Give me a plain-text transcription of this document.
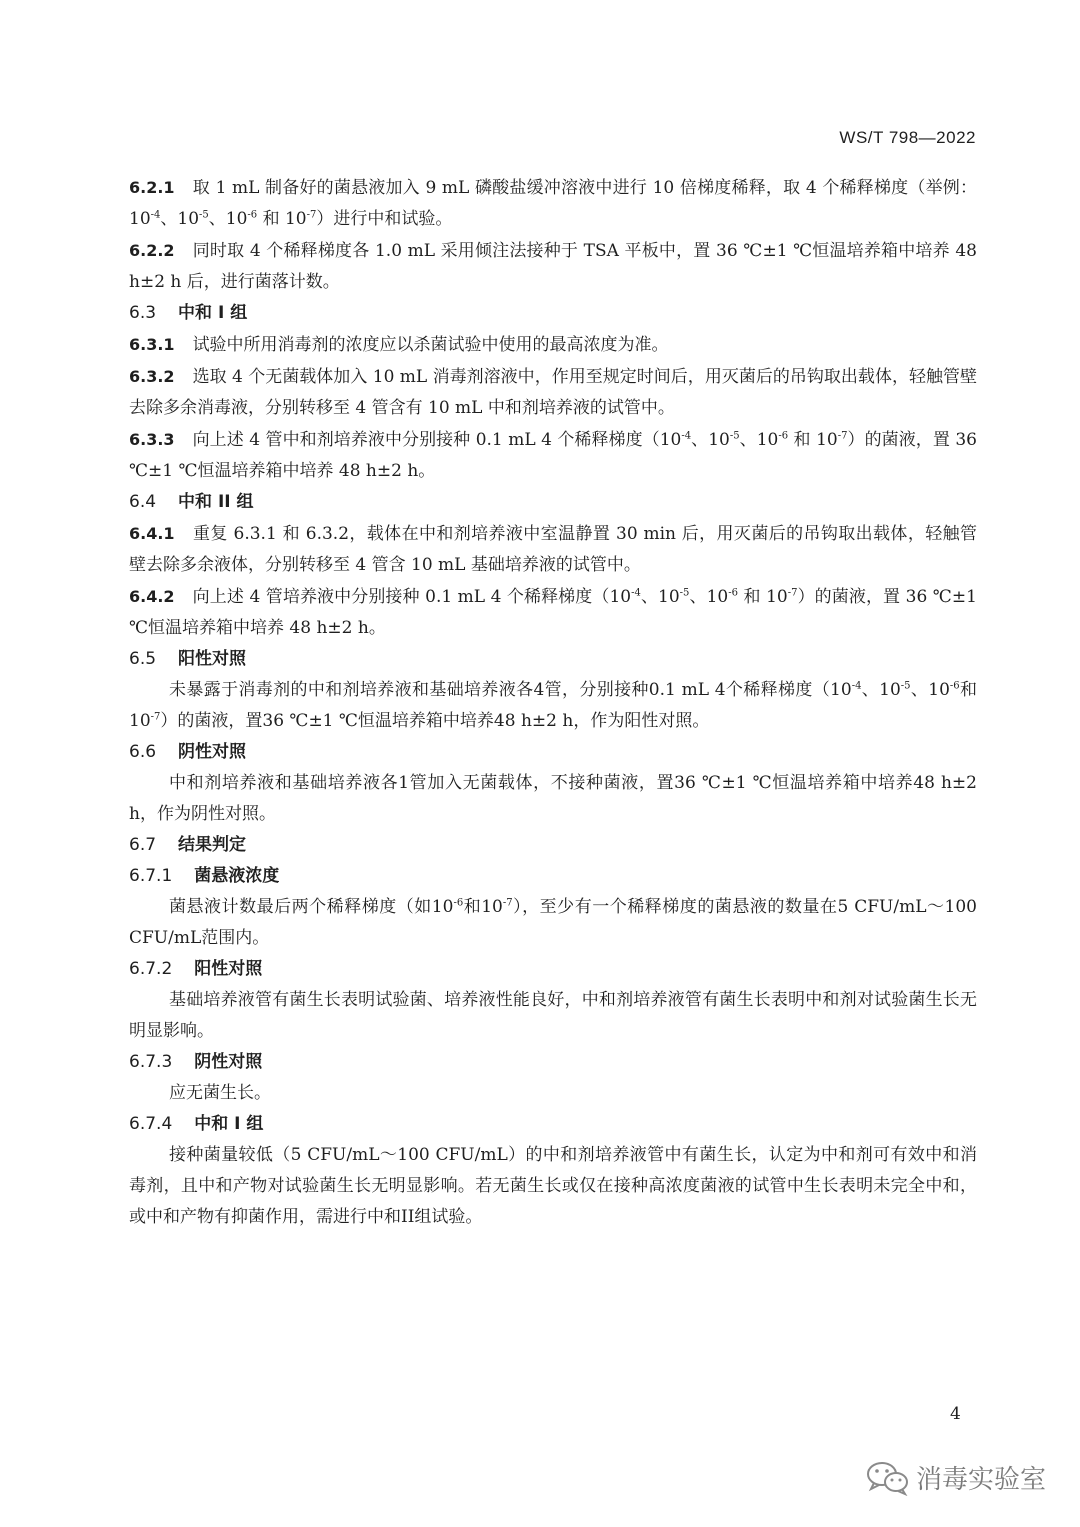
WS/T 798—2022

6.2.1 取 1 mL 制备好的菌悬液加入 9 mL 磷酸盐缓冲溶液中进行 10 倍梯度稀释，取 4 个稀释梯度（举例：$10^{-4}$、$10^{-5}$、$10^{-6}$ 和 $10^{-7}$）进行中和试验。

6.2.2 同时取 4 个稀释梯度各 1.0 mL 采用倾注法接种于 TSA 平板中，置 36 ℃±1 ℃恒温培养箱中培养 48 h±2 h 后，进行菌落计数。

6.3 中和 I 组

6.3.1 试验中所用消毒剂的浓度应以杀菌试验中使用的最高浓度为准。

6.3.2 选取 4 个无菌载体加入 10 mL 消毒剂溶液中，作用至规定时间后，用灭菌后的吊钩取出载体，轻触管壁去除多余消毒液，分别转移至 4 管含有 10 mL 中和剂培养液的试管中。

6.3.3 向上述 4 管中和剂培养液中分别接种 0.1 mL 4 个稀释梯度（$10^{-4}$、$10^{-5}$、$10^{-6}$ 和 $10^{-7}$）的菌液，置 36 ℃±1 ℃恒温培养箱中培养 48 h±2 h。

6.4 中和 II 组

6.4.1 重复 6.3.1 和 6.3.2，载体在中和剂培养液中室温静置 30 min 后，用灭菌后的吊钩取出载体，轻触管壁去除多余液体，分别转移至 4 管含 10 mL 基础培养液的试管中。

6.4.2 向上述 4 管培养液中分别接种 0.1 mL 4 个稀释梯度（$10^{-4}$、$10^{-5}$、$10^{-6}$ 和 $10^{-7}$）的菌液，置 36 ℃±1 ℃恒温培养箱中培养 48 h±2 h。

6.5 阳性对照

未暴露于消毒剂的中和剂培养液和基础培养液各4管，分别接种0.1 mL 4个稀释梯度（$10^{-4}$、$10^{-5}$、$10^{-6}$和$10^{-7}$）的菌液，置36 ℃±1 ℃恒温培养箱中培养48 h±2 h，作为阳性对照。

6.6 阴性对照

中和剂培养液和基础培养液各1管加入无菌载体，不接种菌液，置36 ℃±1 ℃恒温培养箱中培养48 h±2 h，作为阴性对照。

6.7 结果判定
6.7.1 菌悬液浓度

菌悬液计数最后两个稀释梯度（如$10^{-6}$和$10^{-7}$），至少有一个稀释梯度的菌悬液的数量在5 CFU/mL～100 CFU/mL范围内。

6.7.2 阳性对照

基础培养液管有菌生长表明试验菌、培养液性能良好，中和剂培养液管有菌生长表明中和剂对试验菌生长无明显影响。

6.7.3 阴性对照

应无菌生长。

6.7.4 中和 I 组

接种菌量较低（5 CFU/mL～100 CFU/mL）的中和剂培养液管中有菌生长，认定为中和剂可有效中和消毒剂，且中和产物对试验菌生长无明显影响。若无菌生长或仅在接种高浓度菌液的试管中生长表明未完全中和，或中和产物有抑菌作用，需进行中和II组试验。

4
消毒实验室
